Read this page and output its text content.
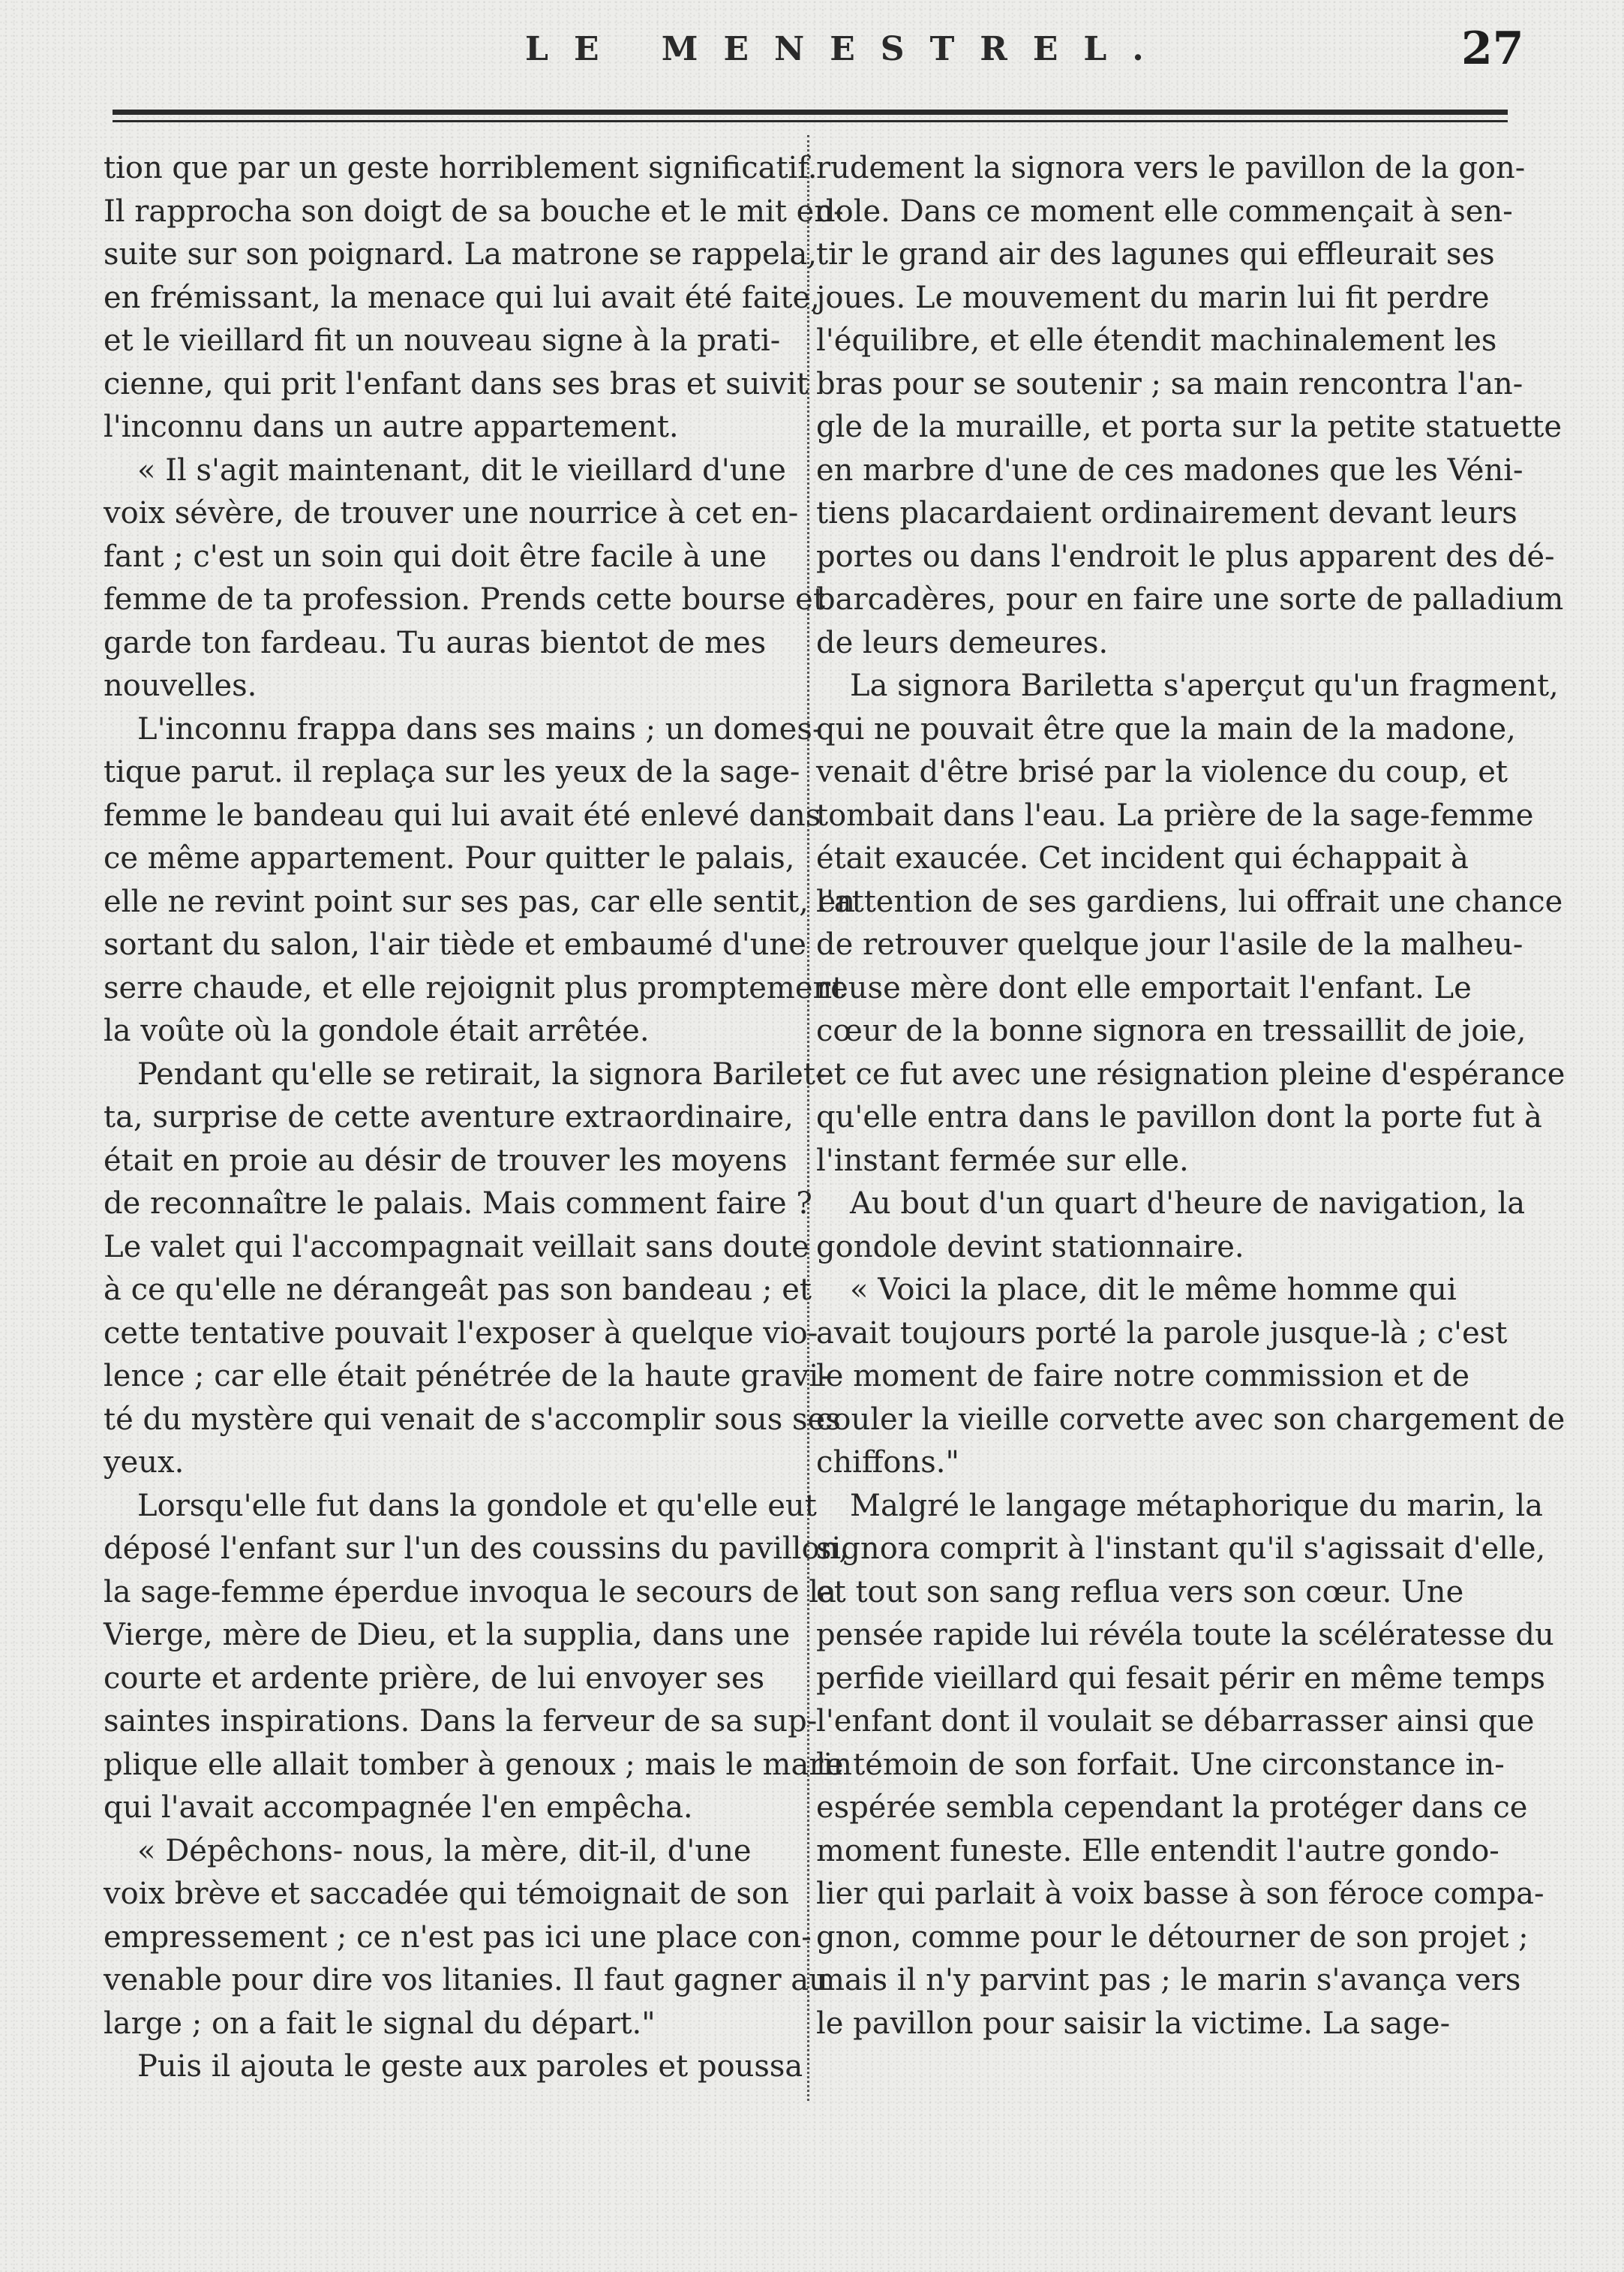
LE MENESTREL.	27
tion que par un geste horriblement significatif.
Il rapprocha son doigt de sa bouche et le mit en-
suite sur son poignard. La matrone se rappela,
en frémissant, la menace qui lui avait été faite,
et le vieillard fit un nouveau signe à la prati-
cienne, qui prit l'enfant dans ses bras et suivit
l'inconnu dans un autre appartement.
« Il s'agit maintenant, dit le vieillard d'une
voix sévère, de trouver une nourrice à cet en-
fant ; c'est un soin qui doit être facile à une
femme de ta profession. Prends cette bourse et
garde ton fardeau. Tu auras bientot de mes
nouvelles.
L'inconnu frappa dans ses mains ; un domes-
tique parut. il replaça sur les yeux de la sage-
femme le bandeau qui lui avait été enlevé dans
ce même appartement. Pour quitter le palais,
elle ne revint point sur ses pas, car elle sentit, en
sortant du salon, l'air tiède et embaumé d'une
serre chaude, et elle rejoignit plus promptement
la voûte où la gondole était arrêtée.
Pendant qu'elle se retirait, la signora Barilet-
ta, surprise de cette aventure extraordinaire,
était en proie au désir de trouver les moyens
de reconnaître le palais. Mais comment faire ?
Le valet qui l'accompagnait veillait sans doute
à ce qu'elle ne dérangeât pas son bandeau ; et
cette tentative pouvait l'exposer à quelque vio-
lence ; car elle était pénétrée de la haute gravi-
té du mystère qui venait de s'accomplir sous ses
yeux.
Lorsqu'elle fut dans la gondole et qu'elle eut
déposé l'enfant sur l'un des coussins du pavillon,
la sage-femme éperdue invoqua le secours de la
Vierge, mère de Dieu, et la supplia, dans une
courte et ardente prière, de lui envoyer ses
saintes inspirations. Dans la ferveur de sa sup-
plique elle allait tomber à genoux ; mais le marin
qui l'avait accompagnée l'en empêcha.
« Dépêchons- nous, la mère, dit-il, d'une
voix brève et saccadée qui témoignait de son
empressement ; ce n'est pas ici une place con-
venable pour dire vos litanies. Il faut gagner au
large ; on a fait le signal du départ."
Puis il ajouta le geste aux paroles et poussa
rudement la signora vers le pavillon de la gon-
dole. Dans ce moment elle commençait à sen-
tir le grand air des lagunes qui effleurait ses
joues. Le mouvement du marin lui fit perdre
l'équilibre, et elle étendit machinalement les
bras pour se soutenir ; sa main rencontra l'an-
gle de la muraille, et porta sur la petite statuette
en marbre d'une de ces madones que les Véni-
tiens placardaient ordinairement devant leurs
portes ou dans l'endroit le plus apparent des dé-
barcadères, pour en faire une sorte de palladium
de leurs demeures.
La signora Bariletta s'aperçut qu'un fragment,
qui ne pouvait être que la main de la madone,
venait d'être brisé par la violence du coup, et
tombait dans l'eau. La prière de la sage-femme
était exaucée. Cet incident qui échappait à
l'attention de ses gardiens, lui offrait une chance
de retrouver quelque jour l'asile de la malheu-
reuse mère dont elle emportait l'enfant. Le
cœur de la bonne signora en tressaillit de joie,
et ce fut avec une résignation pleine d'espérance
qu'elle entra dans le pavillon dont la porte fut à
l'instant fermée sur elle.
Au bout d'un quart d'heure de navigation, la
gondole devint stationnaire.
« Voici la place, dit le même homme qui
avait toujours porté la parole jusque-là ; c'est
le moment de faire notre commission et de
couler la vieille corvette avec son chargement de
chiffons."
Malgré le langage métaphorique du marin, la
signora comprit à l'instant qu'il s'agissait d'elle,
et tout son sang reflua vers son cœur. Une
pensée rapide lui révéla toute la scélératesse du
perfide vieillard qui fesait périr en même temps
l'enfant dont il voulait se débarrasser ainsi que
le témoin de son forfait. Une circonstance in-
espérée sembla cependant la protéger dans ce
moment funeste. Elle entendit l'autre gondo-
lier qui parlait à voix basse à son féroce compa-
gnon, comme pour le détourner de son projet ;
mais il n'y parvint pas ; le marin s'avança vers
le pavillon pour saisir la victime. La sage-
